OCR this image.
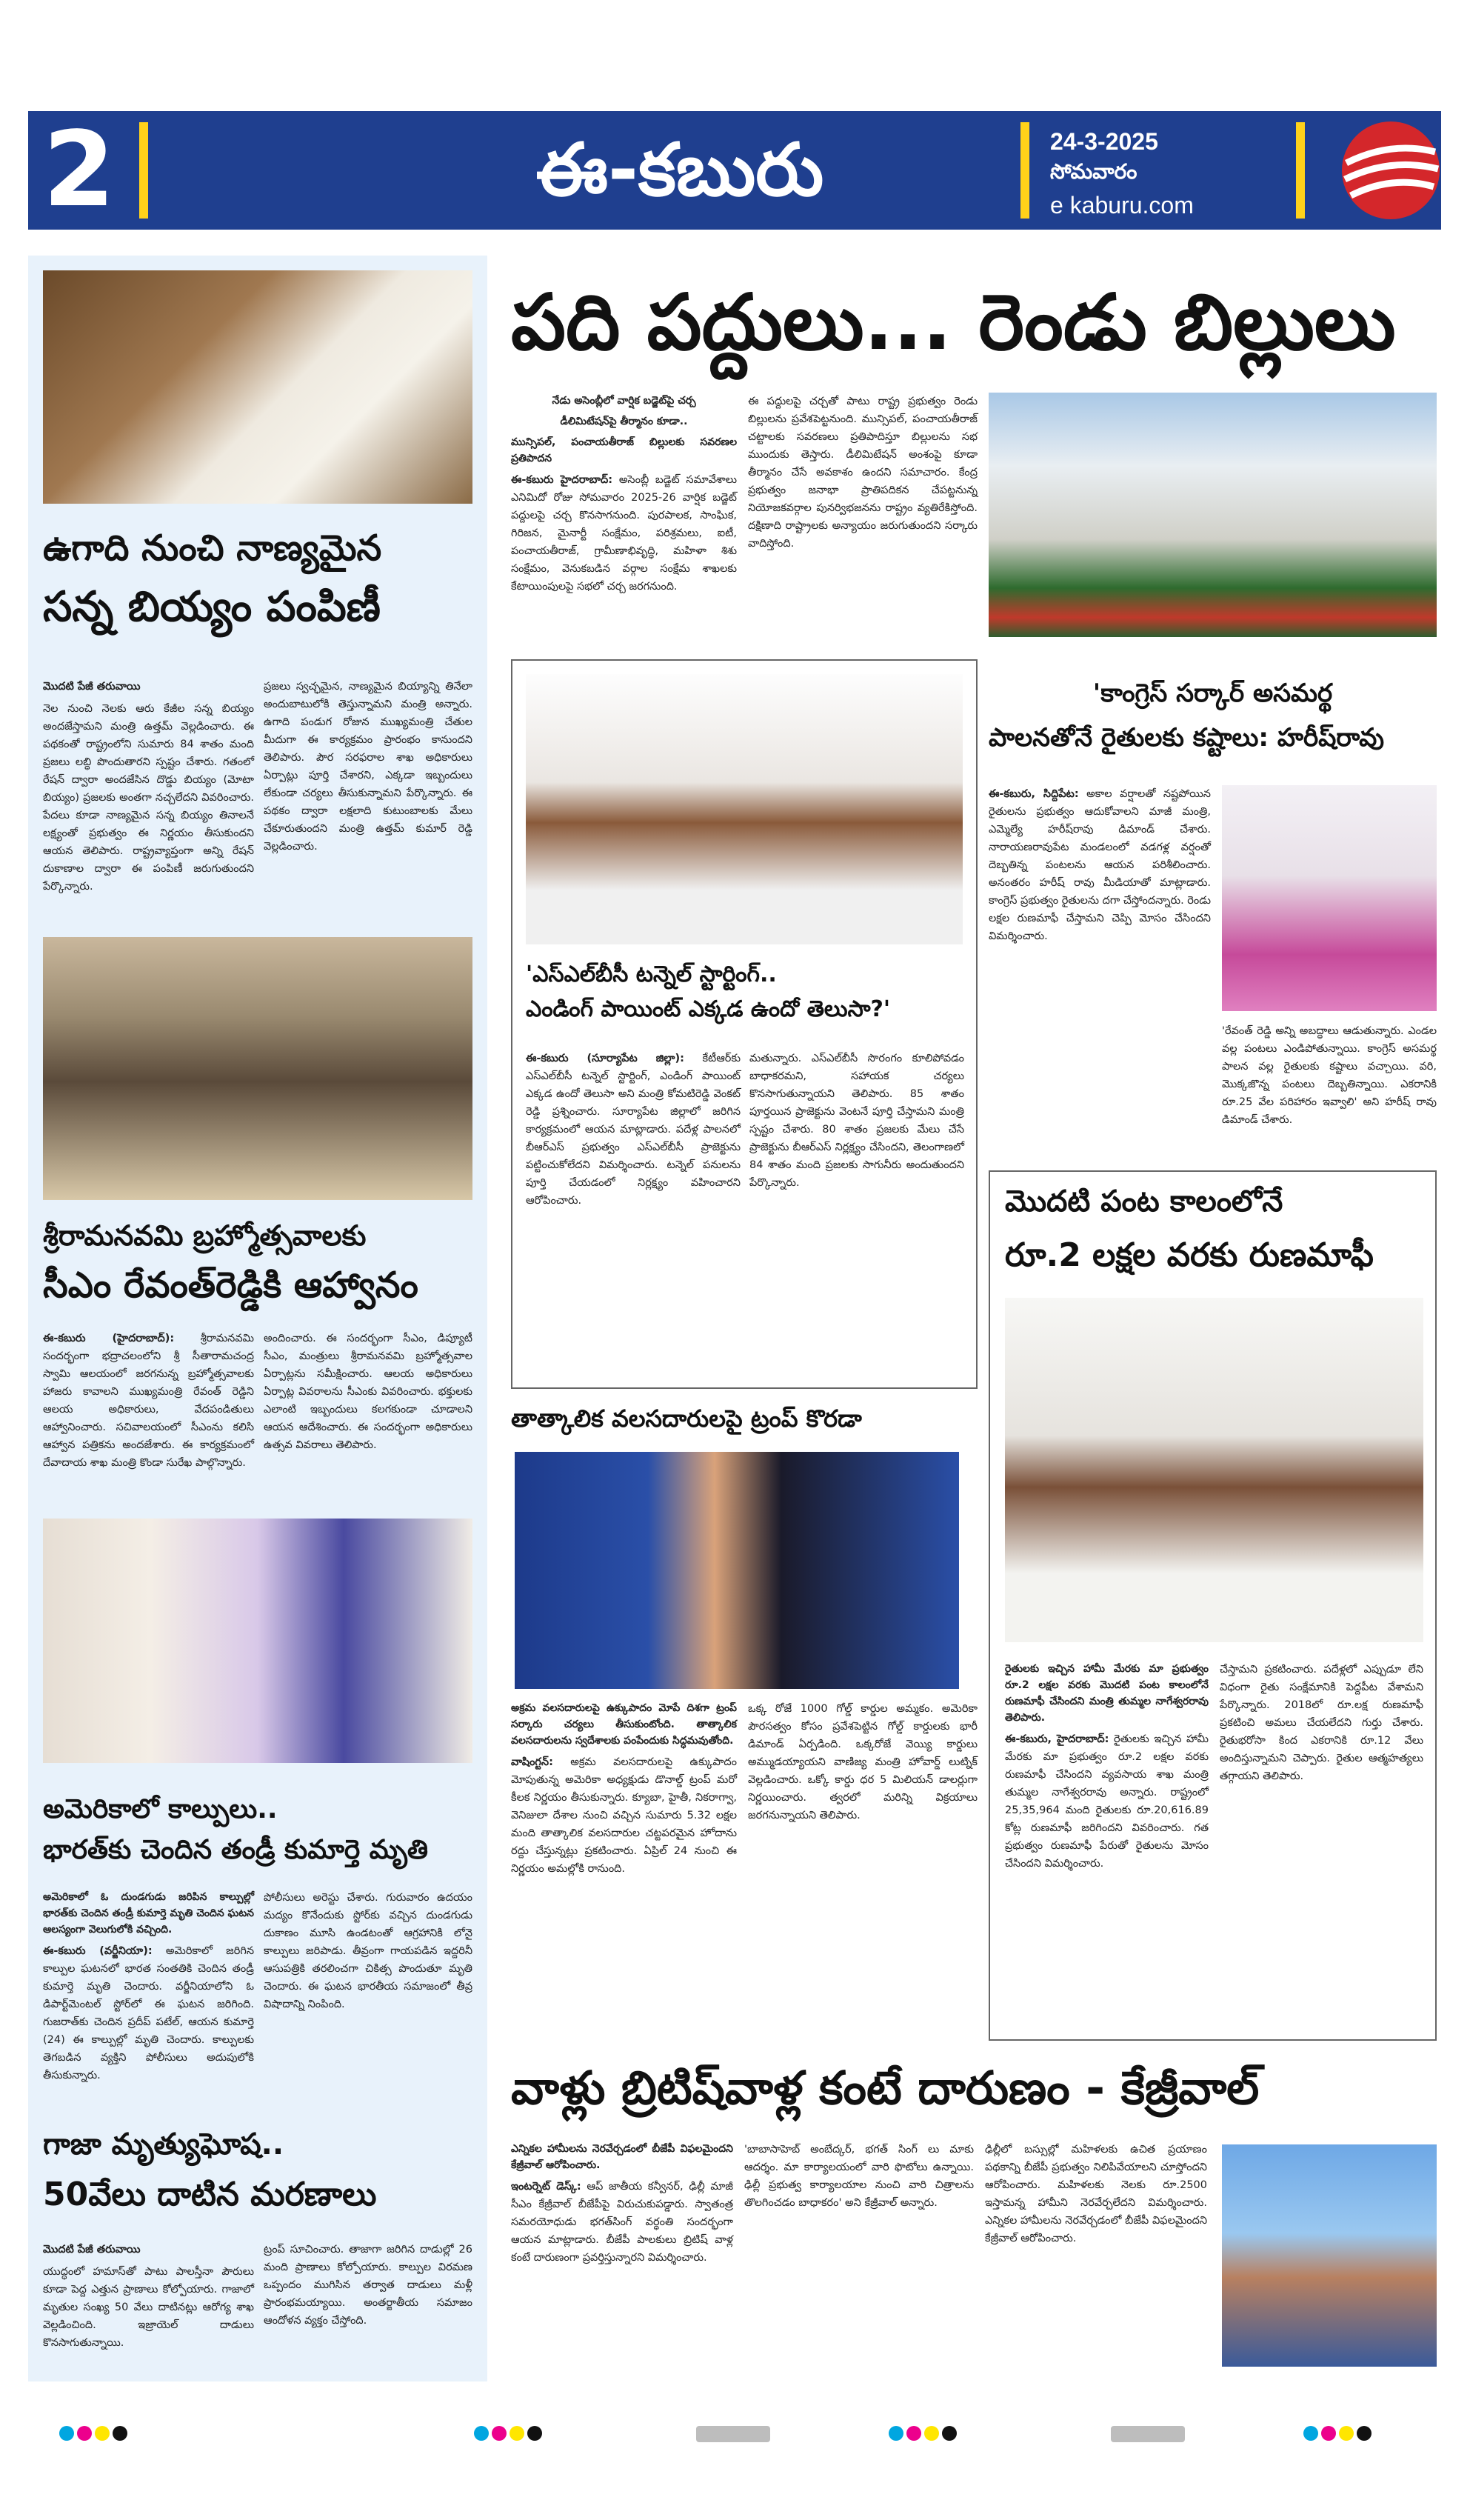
2	ఈ-కబురు	24-3-2025
సోమవారం
e kaburu.com
ఉగాది నుంచి నాణ్యమైన
సన్న బియ్యం పంపిణీ

మొదటి పేజీ తరువాయి

నెల నుంచి నెలకు ఆరు కేజీల సన్న బియ్యం అందజేస్తామని మంత్రి ఉత్తమ్ వెల్లడించారు. ఈ పథకంతో రాష్ట్రంలోని సుమారు 84 శాతం మంది ప్రజలు లబ్ధి పొందుతారని స్పష్టం చేశారు. గతంలో రేషన్ ద్వారా అందజేసిన దొడ్డు బియ్యం (మోటా బియ్యం) ప్రజలకు అంతగా నచ్చలేదని వివరించారు. పేదలు కూడా నాణ్యమైన సన్న బియ్యం తినాలనే లక్ష్యంతో ప్రభుత్వం ఈ నిర్ణయం తీసుకుందని ఆయన తెలిపారు. రాష్ట్రవ్యాప్తంగా అన్ని రేషన్ దుకాణాల ద్వారా ఈ పంపిణీ జరుగుతుందని పేర్కొన్నారు.

ప్రజలు స్వచ్ఛమైన, నాణ్యమైన బియ్యాన్ని తినేలా అందుబాటులోకి తెస్తున్నామని మంత్రి అన్నారు. ఉగాది పండుగ రోజున ముఖ్యమంత్రి చేతుల మీదుగా ఈ కార్యక్రమం ప్రారంభం కానుందని తెలిపారు. పౌర సరఫరాల శాఖ అధికారులు ఏర్పాట్లు పూర్తి చేశారని, ఎక్కడా ఇబ్బందులు లేకుండా చర్యలు తీసుకున్నామని పేర్కొన్నారు. ఈ పథకం ద్వారా లక్షలాది కుటుంబాలకు మేలు చేకూరుతుందని మంత్రి ఉత్తమ్ కుమార్ రెడ్డి వెల్లడించారు.

శ్రీరామనవమి బ్రహ్మోత్సవాలకు
సీఎం రేవంత్‌రెడ్డికి ఆహ్వానం

ఈ-కబురు (హైదరాబాద్): శ్రీరామనవమి సందర్భంగా భద్రాచలంలోని శ్రీ సీతారామచంద్ర స్వామి ఆలయంలో జరగనున్న బ్రహ్మోత్సవాలకు హాజరు కావాలని ముఖ్యమంత్రి రేవంత్ రెడ్డిని ఆలయ అధికారులు, వేదపండితులు ఆహ్వానించారు. సచివాలయంలో సీఎంను కలిసి ఆహ్వాన పత్రికను అందజేశారు. ఈ కార్యక్రమంలో దేవాదాయ శాఖ మంత్రి కొండా సురేఖ పాల్గొన్నారు.

అందించారు. ఈ సందర్భంగా సీఎం, డిప్యూటీ సీఎం, మంత్రులు శ్రీరామనవమి బ్రహ్మోత్సవాల ఏర్పాట్లను సమీక్షించారు. ఆలయ అధికారులు ఏర్పాట్ల వివరాలను సీఎంకు వివరించారు. భక్తులకు ఎలాంటి ఇబ్బందులు కలగకుండా చూడాలని ఆయన ఆదేశించారు. ఈ సందర్భంగా అధికారులు ఉత్సవ వివరాలు తెలిపారు.

అమెరికాలో కాల్పులు..
భారత్‌కు చెందిన తండ్రీ కుమార్తె మృతి

అమెరికాలో ఓ దుండగుడు జరిపిన కాల్పుల్లో భారత్‌కు చెందిన తండ్రీ కుమార్తె మృతి చెందిన ఘటన ఆలస్యంగా వెలుగులోకి వచ్చింది.

ఈ-కబురు (వర్జీనియా): అమెరికాలో జరిగిన కాల్పుల ఘటనలో భారత సంతతికి చెందిన తండ్రీ కుమార్తె మృతి చెందారు. వర్జీనియాలోని ఓ డిపార్ట్‌మెంటల్ స్టోర్‌లో ఈ ఘటన జరిగింది. గుజరాత్‌కు చెందిన ప్రదీప్ పటేల్, ఆయన కుమార్తె (24) ఈ కాల్పుల్లో మృతి చెందారు. కాల్పులకు తెగబడిన వ్యక్తిని పోలీసులు అదుపులోకి తీసుకున్నారు.

పోలీసులు అరెస్టు చేశారు. గురువారం ఉదయం మద్యం కొనేందుకు స్టోర్‌కు వచ్చిన దుండగుడు దుకాణం మూసి ఉండటంతో ఆగ్రహానికి లోనై కాల్పులు జరిపాడు. తీవ్రంగా గాయపడిన ఇద్దరినీ ఆసుపత్రికి తరలించగా చికిత్స పొందుతూ మృతి చెందారు. ఈ ఘటన భారతీయ సమాజంలో తీవ్ర విషాదాన్ని నింపింది.

గాజా మృత్యుఘోష..
50వేలు దాటిన మరణాలు

మొదటి పేజీ తరువాయి

యుద్ధంలో హమాస్‌తో పాటు పాలస్తీనా పౌరులు కూడా పెద్ద ఎత్తున ప్రాణాలు కోల్పోయారు. గాజాలో మృతుల సంఖ్య 50 వేలు దాటినట్లు ఆరోగ్య శాఖ వెల్లడించింది. ఇజ్రాయెల్ దాడులు కొనసాగుతున్నాయి.

ట్రంప్ సూచించారు. తాజాగా జరిగిన దాడుల్లో 26 మంది ప్రాణాలు కోల్పోయారు. కాల్పుల విరమణ ఒప్పందం ముగిసిన తర్వాత దాడులు మళ్లీ ప్రారంభమయ్యాయి. అంతర్జాతీయ సమాజం ఆందోళన వ్యక్తం చేస్తోంది.

పది పద్దులు... రెండు బిల్లులు

నేడు అసెంబ్లీలో వార్షిక బడ్జెట్‌పై చర్చ

డీలిమిటేషన్‌పై తీర్మానం కూడా..

మున్సిపల్, పంచాయతీరాజ్ బిల్లులకు సవరణల ప్రతిపాదన

ఈ-కబురు హైదరాబాద్: అసెంబ్లీ బడ్జెట్ సమావేశాలు ఎనిమిదో రోజు సోమవారం 2025-26 వార్షిక బడ్జెట్ పద్దులపై చర్చ కొనసాగనుంది. పురపాలక, సాంఘిక, గిరిజన, మైనార్టీ సంక్షేమం, పరిశ్రమలు, ఐటీ, పంచాయతీరాజ్, గ్రామీణాభివృద్ధి, మహిళా శిశు సంక్షేమం, వెనుకబడిన వర్గాల సంక్షేమ శాఖలకు కేటాయింపులపై సభలో చర్చ జరగనుంది.

ఈ పద్దులపై చర్చతో పాటు రాష్ట్ర ప్రభుత్వం రెండు బిల్లులను ప్రవేశపెట్టనుంది. మున్సిపల్, పంచాయతీరాజ్ చట్టాలకు సవరణలు ప్రతిపాదిస్తూ బిల్లులను సభ ముందుకు తెస్తారు. డీలిమిటేషన్ అంశంపై కూడా తీర్మానం చేసే అవకాశం ఉందని సమాచారం. కేంద్ర ప్రభుత్వం జనాభా ప్రాతిపదికన చేపట్టనున్న నియోజకవర్గాల పునర్విభజనను రాష్ట్రం వ్యతిరేకిస్తోంది. దక్షిణాది రాష్ట్రాలకు అన్యాయం జరుగుతుందని సర్కారు వాదిస్తోంది.

'ఎస్ఎల్‌బీసీ టన్నెల్ స్టార్టింగ్..
ఎండింగ్ పాయింట్ ఎక్కడ ఉందో తెలుసా?'

ఈ-కబురు (సూర్యాపేట జిల్లా): కేటీఆర్‌కు ఎస్ఎల్‌బీసీ టన్నెల్ స్టార్టింగ్, ఎండింగ్ పాయింట్ ఎక్కడ ఉందో తెలుసా అని మంత్రి కోమటిరెడ్డి వెంకట్ రెడ్డి ప్రశ్నించారు. సూర్యాపేట జిల్లాలో జరిగిన కార్యక్రమంలో ఆయన మాట్లాడారు. పదేళ్ల పాలనలో బీఆర్ఎస్ ప్రభుత్వం ఎస్ఎల్‌బీసీ ప్రాజెక్టును పట్టించుకోలేదని విమర్శించారు. టన్నెల్ పనులను పూర్తి చేయడంలో నిర్లక్ష్యం వహించారని ఆరోపించారు.

మతున్నారు. ఎస్ఎల్‌బీసీ సొరంగం కూలిపోవడం బాధాకరమని, సహాయక చర్యలు కొనసాగుతున్నాయని తెలిపారు. 85 శాతం పూర్తయిన ప్రాజెక్టును వెంటనే పూర్తి చేస్తామని మంత్రి స్పష్టం చేశారు. 80 శాతం ప్రజలకు మేలు చేసే ప్రాజెక్టును బీఆర్ఎస్ నిర్లక్ష్యం చేసిందని, తెలంగాణలో 84 శాతం మంది ప్రజలకు సాగునీరు అందుతుందని పేర్కొన్నారు.

తాత్కాలిక వలసదారులపై ట్రంప్ కొరడా

అక్రమ వలసదారులపై ఉక్కుపాదం మోపే దిశగా ట్రంప్ సర్కారు చర్యలు తీసుకుంటోంది. తాత్కాలిక వలసదారులను స్వదేశాలకు పంపేందుకు సిద్ధమవుతోంది.

వాషింగ్టన్: అక్రమ వలసదారులపై ఉక్కుపాదం మోపుతున్న అమెరికా అధ్యక్షుడు డొనాల్డ్ ట్రంప్ మరో కీలక నిర్ణయం తీసుకున్నారు. క్యూబా, హైతీ, నికరాగ్వా, వెనిజులా దేశాల నుంచి వచ్చిన సుమారు 5.32 లక్షల మంది తాత్కాలిక వలసదారుల చట్టపరమైన హోదాను రద్దు చేస్తున్నట్లు ప్రకటించారు. ఏప్రిల్ 24 నుంచి ఈ నిర్ణయం అమల్లోకి రానుంది.

ఒక్క రోజే 1000 గోల్డ్ కార్డుల అమ్మకం. అమెరికా పౌరసత్వం కోసం ప్రవేశపెట్టిన గోల్డ్ కార్డులకు భారీ డిమాండ్ ఏర్పడింది. ఒక్కరోజే వెయ్యి కార్డులు అమ్ముడయ్యాయని వాణిజ్య మంత్రి హోవార్డ్ లుట్నిక్ వెల్లడించారు. ఒక్కో కార్డు ధర 5 మిలియన్ డాలర్లుగా నిర్ణయించారు. త్వరలో మరిన్ని విక్రయాలు జరగనున్నాయని తెలిపారు.

'కాంగ్రెస్ సర్కార్ అసమర్థ
పాలనతోనే రైతులకు కష్టాలు: హరీష్‌రావు

ఈ-కబురు, సిద్దిపేట: అకాల వర్షాలతో నష్టపోయిన రైతులను ప్రభుత్వం ఆదుకోవాలని మాజీ మంత్రి, ఎమ్మెల్యే హరీష్‌రావు డిమాండ్ చేశారు. నారాయణరావుపేట మండలంలో వడగళ్ల వర్షంతో దెబ్బతిన్న పంటలను ఆయన పరిశీలించారు. అనంతరం హరీష్ రావు మీడియాతో మాట్లాడారు. కాంగ్రెస్ ప్రభుత్వం రైతులను దగా చేస్తోందన్నారు. రెండు లక్షల రుణమాఫీ చేస్తామని చెప్పి మోసం చేసిందని విమర్శించారు.

'రేవంత్ రెడ్డి అన్ని అబద్ధాలు ఆడుతున్నారు. ఎండల వల్ల పంటలు ఎండిపోతున్నాయి. కాంగ్రెస్ అసమర్థ పాలన వల్ల రైతులకు కష్టాలు వచ్చాయి. వరి, మొక్కజొన్న పంటలు దెబ్బతిన్నాయి. ఎకరానికి రూ.25 వేల పరిహారం ఇవ్వాలి' అని హరీష్ రావు డిమాండ్ చేశారు.

మొదటి పంట కాలంలోనే
రూ.2 లక్షల వరకు రుణమాఫీ

రైతులకు ఇచ్చిన హామీ మేరకు మా ప్రభుత్వం రూ.2 లక్షల వరకు మొదటి పంట కాలంలోనే రుణమాఫీ చేసిందని మంత్రి తుమ్మల నాగేశ్వరరావు తెలిపారు.

ఈ-కబురు, హైదరాబాద్: రైతులకు ఇచ్చిన హామీ మేరకు మా ప్రభుత్వం రూ.2 లక్షల వరకు రుణమాఫీ చేసిందని వ్యవసాయ శాఖ మంత్రి తుమ్మల నాగేశ్వరరావు అన్నారు. రాష్ట్రంలో 25,35,964 మంది రైతులకు రూ.20,616.89 కోట్ల రుణమాఫీ జరిగిందని వివరించారు. గత ప్రభుత్వం రుణమాఫీ పేరుతో రైతులను మోసం చేసిందని విమర్శించారు.

చేస్తామని ప్రకటించారు. పదేళ్లలో ఎప్పుడూ లేని విధంగా రైతు సంక్షేమానికి పెద్దపీట వేశామని పేర్కొన్నారు. 2018లో రూ.లక్ష రుణమాఫీ ప్రకటించి అమలు చేయలేదని గుర్తు చేశారు. రైతుభరోసా కింద ఎకరానికి రూ.12 వేలు అందిస్తున్నామని చెప్పారు. రైతుల ఆత్మహత్యలు తగ్గాయని తెలిపారు.

వాళ్లు బ్రిటిష్‌వాళ్ల కంటే దారుణం - కేజ్రీవాల్

ఎన్నికల హామీలను నెరవేర్చడంలో బీజేపీ విఫలమైందని కేజ్రీవాల్ ఆరోపించారు.

ఇంటర్నెట్ డెస్క్: ఆప్ జాతీయ కన్వీనర్, ఢిల్లీ మాజీ సీఎం కేజ్రీవాల్ బీజేపీపై విరుచుకుపడ్డారు. స్వాతంత్ర సమరయోధుడు భగత్‌సింగ్ వర్ధంతి సందర్భంగా ఆయన మాట్లాడారు. బీజేపీ పాలకులు బ్రిటిష్ వాళ్ల కంటే దారుణంగా ప్రవర్తిస్తున్నారని విమర్శించారు.

'బాబాసాహెబ్ అంబేద్కర్, భగత్ సింగ్ లు మాకు ఆదర్శం. మా కార్యాలయంలో వారి ఫొటోలు ఉన్నాయి. ఢిల్లీ ప్రభుత్వ కార్యాలయాల నుంచి వారి చిత్రాలను తొలగించడం బాధాకరం' అని కేజ్రీవాల్ అన్నారు.

ఢిల్లీలో బస్సుల్లో మహిళలకు ఉచిత ప్రయాణం పథకాన్ని బీజేపీ ప్రభుత్వం నిలిపివేయాలని చూస్తోందని ఆరోపించారు. మహిళలకు నెలకు రూ.2500 ఇస్తామన్న హామీని నెరవేర్చలేదని విమర్శించారు. ఎన్నికల హామీలను నెరవేర్చడంలో బీజేపీ విఫలమైందని కేజ్రీవాల్ ఆరోపించారు.
